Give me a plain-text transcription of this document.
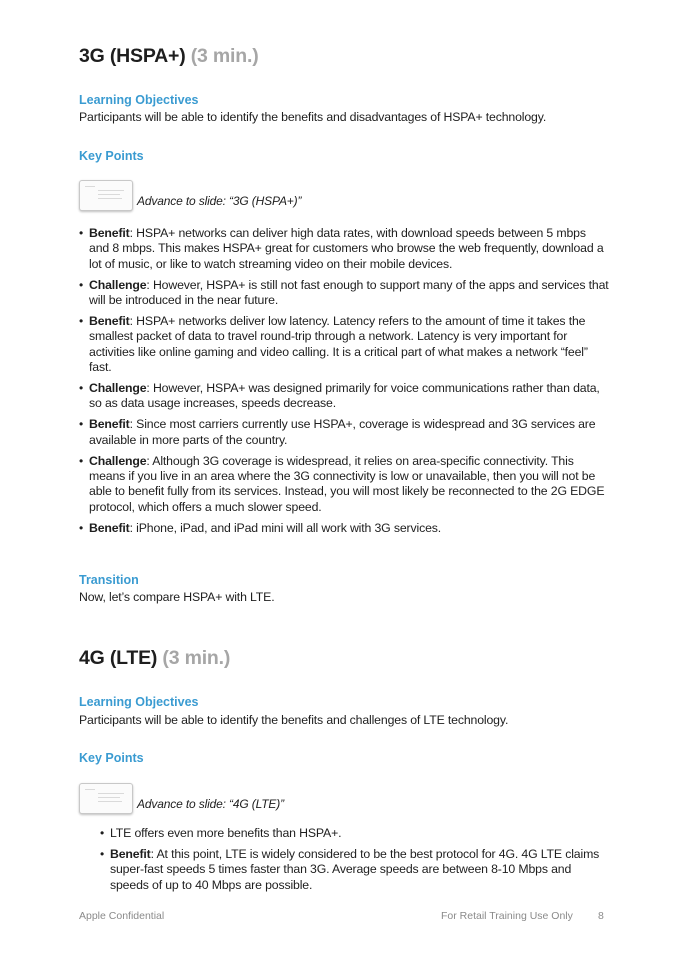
3G (HSPA+) (3 min.)
Learning Objectives
Participants will be able to identify the benefits and disadvantages of HSPA+ technology.
Key Points
Advance to slide: “3G (HSPA+)”
• Benefit: HSPA+ networks can deliver high data rates, with download speeds between 5 mbps and 8 mbps. This makes HSPA+ great for customers who browse the web frequently, download a lot of music, or like to watch streaming video on their mobile devices.
• Challenge: However, HSPA+ is still not fast enough to support many of the apps and services that will be introduced in the near future.
• Benefit: HSPA+ networks deliver low latency. Latency refers to the amount of time it takes the smallest packet of data to travel round-trip through a network. Latency is very important for activities like online gaming and video calling. It is a critical part of what makes a network “feel” fast.
• Challenge: However, HSPA+ was designed primarily for voice communications rather than data, so as data usage increases, speeds decrease.
• Benefit: Since most carriers currently use HSPA+, coverage is widespread and 3G services are available in more parts of the country.
• Challenge: Although 3G coverage is widespread, it relies on area-specific connectivity. This means if you live in an area where the 3G connectivity is low or unavailable, then you will not be able to benefit fully from its services. Instead, you will most likely be reconnected to the 2G EDGE protocol, which offers a much slower speed.
• Benefit: iPhone, iPad, and iPad mini will all work with 3G services.
Transition
Now, let’s compare HSPA+ with LTE.
4G (LTE) (3 min.)
Learning Objectives
Participants will be able to identify the benefits and challenges of LTE technology.
Key Points
Advance to slide: “4G (LTE)”
• LTE offers even more benefits than HSPA+.
• Benefit: At this point, LTE is widely considered to be the best protocol for 4G. 4G LTE claims super-fast speeds 5 times faster than 3G. Average speeds are between 8-10 Mbps and speeds of up to 40 Mbps are possible.
Apple Confidential	For Retail Training Use Only 8
